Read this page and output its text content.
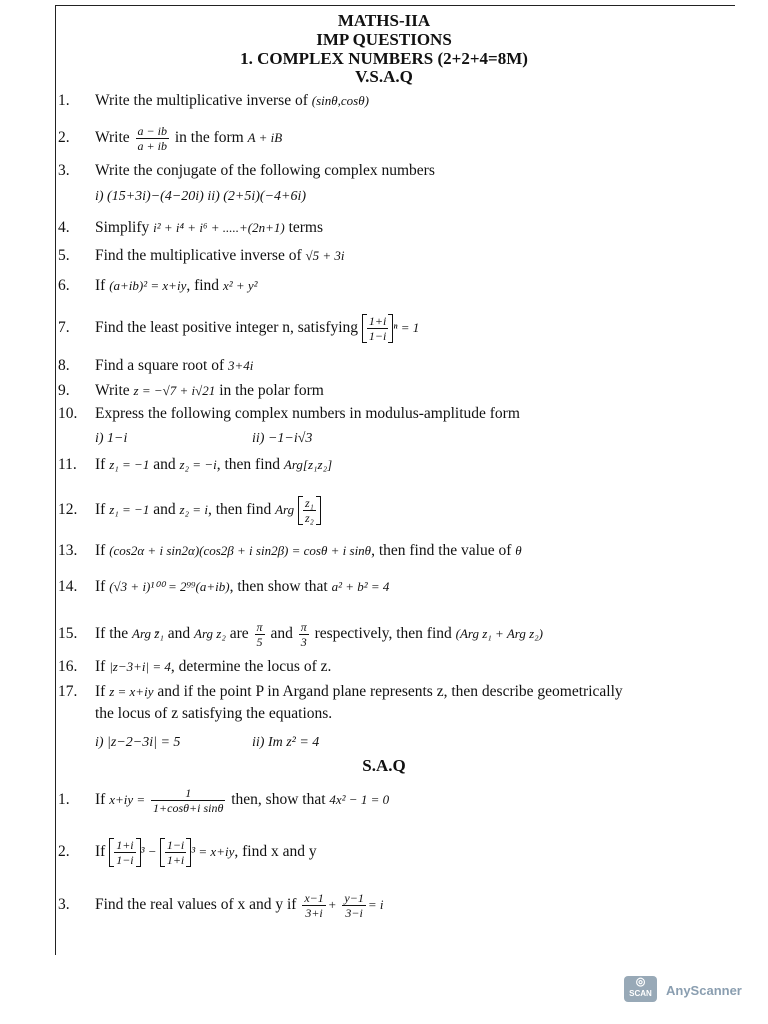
MATHS-IIA
IMP QUESTIONS
1. COMPLEX NUMBERS (2+2+4=8M)
V.S.A.Q
1. Write the multiplicative inverse of (sinθ,cosθ)
2. Write $\frac{a - ib}{a + ib}$ in the form A + iB
3. Write the conjugate of the following complex numbers
i) (15+3i)−(4−20i) ii) (2+5i)(−4+6i)
4. Simplify i² + i⁴ + i⁶ + .....+(2n+1) terms
5. Find the multiplicative inverse of √5 + 3i
6. If (a+ib)² = x+iy, find x² + y²
7. Find the least positive integer n, satisfying $\frac{1+i}{1-i}$ ⁿ = 1
8. Find a square root of 3+4i
9. Write z = −√7 + i√21 in the polar form
10. Express the following complex numbers in modulus-amplitude form
i) 1−i	ii) −1−i√3
11. If z₁ = −1 and z₂ = −i, then find Arg[z₁z₂]
12. If z₁ = −1 and z₂ = i, then find Arg $\frac{\text{z₁}}{\text{z₂}}$
13. If (cos2α + i sin2α)(cos2β + i sin2β) = cosθ + i sinθ, then find the value of θ
14. If (√3 + i)¹⁰⁰ = 2⁹⁹(a+ib), then show that a² + b² = 4
15. If the Arg z̄₁ and Arg z₂ are $\frac{\pi}{5}$ and $\frac{\pi}{3}$ respectively, then find (Arg z₁ + Arg z₂)
16. If |z−3+i| = 4, determine the locus of z.
17. If z = x+iy and if the point P in Argand plane represents z, then describe geometrically
the locus of z satisfying the equations.
i) |z−2−3i| = 5	ii) Im z² = 4
S.A.Q
1. If $x+iy = \frac{1}{\text{1+cosθ+i sinθ}}$ then, show that 4x² − 1 = 0
2. If $\frac{1+i}{1-i} ^3 - \frac{1-i}{1+i} ^3 = x+iy$, find x and y
3. Find the real values of x and y if $\frac{x-1}{3+i} + \frac{y-1}{3-i} = i$
◎
SCAN	AnyScanner
